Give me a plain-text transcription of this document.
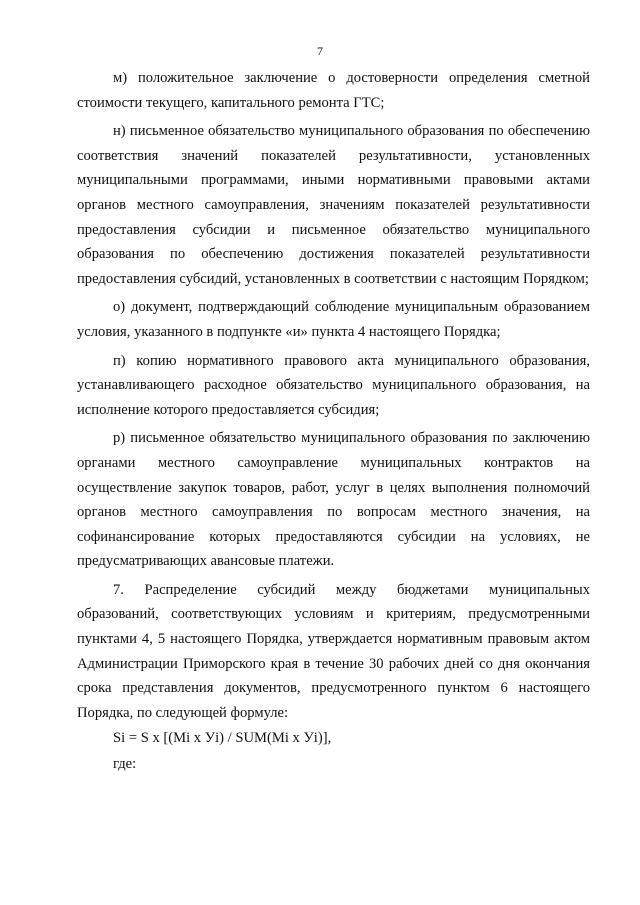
7

м) положительное заключение о достоверности определения сметной стоимости текущего, капитального ремонта ГТС;

н) письменное обязательство муниципального образования по обеспечению соответствия значений показателей результативности, установленных муниципальными программами, иными нормативными правовыми актами органов местного самоуправления, значениям показателей результативности предоставления субсидии и письменное обязательство муниципального образования по обеспечению достижения показателей результативности предоставления субсидий, установленных в соответствии с настоящим Порядком;

о) документ, подтверждающий соблюдение муниципальным образованием условия, указанного в подпункте «и» пункта 4 настоящего Порядка;

п) копию нормативного правового акта муниципального образования, устанавливающего расходное обязательство муниципального образования, на исполнение которого предоставляется субсидия;

р) письменное обязательство муниципального образования по заключению органами местного самоуправление муниципальных контрактов на осуществление закупок товаров, работ, услуг в целях выполнения полномочий органов местного самоуправления по вопросам местного значения, на софинансирование которых предоставляются субсидии на условиях, не предусматривающих авансовые платежи.

7. Распределение субсидий между бюджетами муниципальных образований, соответствующих условиям и критериям, предусмотренными пунктами 4, 5 настоящего Порядка, утверждается нормативным правовым актом Администрации Приморского края в течение 30 рабочих дней со дня окончания срока представления документов, предусмотренного пунктом 6 настоящего Порядка, по следующей формуле:

Si = S x [(Mi x Уi) / SUM(Mi x Уi)],

где:
